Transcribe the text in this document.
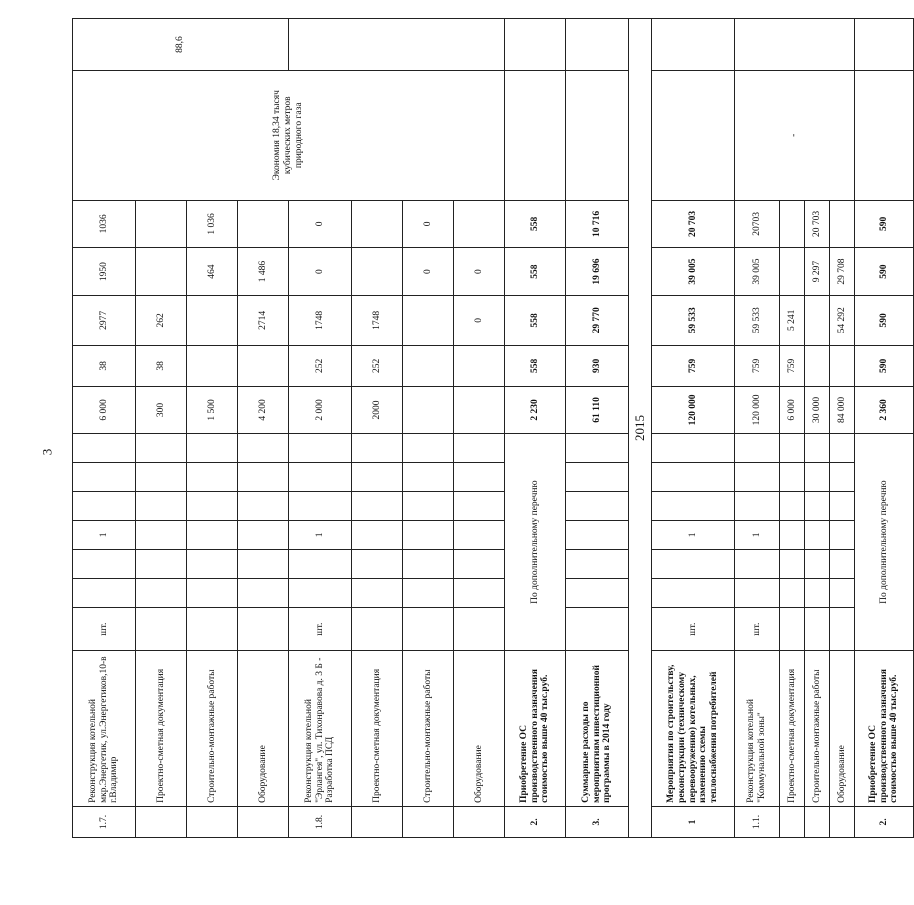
3
1.7.	Реконструкция котельной мкр.Энергетик, ул.Энергетиков,10-в г.Владимир	шт.			1				6 000	38	2977	1950	1036	Экономия 18,34 тысяч кубических метров природного газа	88,6
	Проектно-сметная документация								300	38	262				
	Строительно-монтажные работы								1 500			464	1 036		
	Оборудование								4 200		2714	1 486			
1.8.	Реконструкция котельной "Эрлангея", ул. Тихонравова д. 3 Б - Разработка ПСД	шт.			1				2 000	252	1748	0	0		
	Проектно-сметная документация								2000	252	1748				
	Строительно-монтажные работы											0	0		
	Оборудование										0	0			
2.	Приобретение ОС производственного назначения стоимостью выше 40 тыс.руб.	По дополнительному перечню							2 230	558	558	558	558		
3.	Суммарные расходы по мероприятиям инвестиционной программы в 2014 году								61 110	930	29 770	19 696	10 716		
2015															
1	Мероприятия по строительству, реконструкции (техническому перевооружению) котельных, изменению схемы теплоснабжения потребителей	шт.			1				120 000	759	59 533	39 005	20 703		
1.1.	Реконструкция котельной "Коммунальной зоны"	шт.			1				120 000	759	59 533	39 005	20703	-	
	Проектно-сметная документация								6 000	759	5 241				
	Строительно-монтажные работы								30 000			9 297	20 703		
	Оборудование								84 000		54 292	29 708			
2.	Приобретение ОС производственного назначения стоимостью выше 40 тыс.руб.	По дополнительному перечню							2 360	590	590	590	590		
